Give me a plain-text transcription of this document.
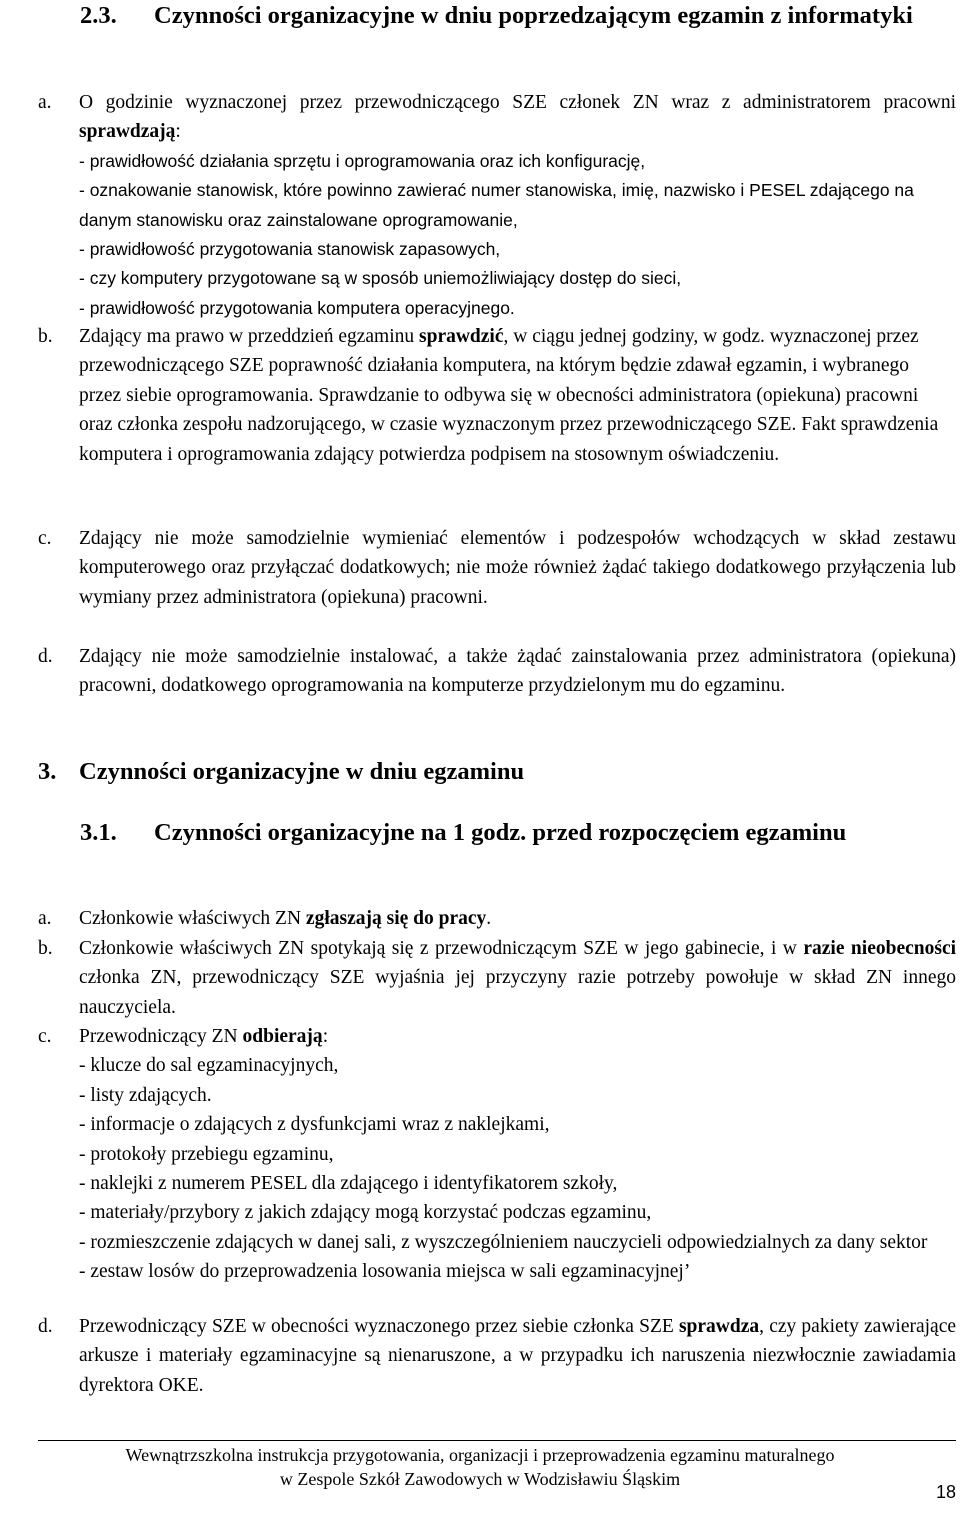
2.3. Czynności organizacyjne w dniu poprzedzającym egzamin z informatyki
a. O godzinie wyznaczonej przez przewodniczącego SZE członek ZN wraz z administratorem pracowni sprawdzają:
- prawidłowość działania sprzętu i oprogramowania oraz ich konfigurację,
- oznakowanie stanowisk, które powinno zawierać numer stanowiska, imię, nazwisko i PESEL zdającego na danym stanowisku oraz zainstalowane oprogramowanie,
- prawidłowość przygotowania stanowisk zapasowych,
- czy komputery przygotowane są w sposób uniemożliwiający dostęp do sieci,
- prawidłowość przygotowania komputera operacyjnego.
b. Zdający ma prawo w przeddzień egzaminu sprawdzić, w ciągu jednej godziny, w godz. wyznaczonej przez przewodniczącego SZE poprawność działania komputera, na którym będzie zdawał egzamin, i wybranego przez siebie oprogramowania. Sprawdzanie to odbywa się w obecności administratora (opiekuna) pracowni oraz członka zespołu nadzorującego, w czasie wyznaczonym przez przewodniczącego SZE. Fakt sprawdzenia komputera i oprogramowania zdający potwierdza podpisem na stosownym oświadczeniu.
c. Zdający nie może samodzielnie wymieniać elementów i podzespołów wchodzących w skład zestawu komputerowego oraz przyłączać dodatkowych; nie może również żądać takiego dodatkowego przyłączenia lub wymiany przez administratora (opiekuna) pracowni.
d. Zdający nie może samodzielnie instalować, a także żądać zainstalowania przez administratora (opiekuna) pracowni, dodatkowego oprogramowania na komputerze przydzielonym mu do egzaminu.
3. Czynności organizacyjne w dniu egzaminu
3.1. Czynności organizacyjne na 1 godz. przed rozpoczęciem egzaminu
a. Członkowie właściwych ZN zgłaszają się do pracy.
b. Członkowie właściwych ZN spotykają się z przewodniczącym SZE w jego gabinecie, i w razie nieobecności członka ZN, przewodniczący SZE wyjaśnia jej przyczyny razie potrzeby powołuje w skład ZN innego nauczyciela.
c. Przewodniczący ZN odbierają:
- klucze do sal egzaminacyjnych,
- listy zdających.
- informacje o zdających z dysfunkcjami wraz z naklejkami,
- protokoły przebiegu egzaminu,
- naklejki z numerem PESEL dla zdającego i identyfikatorem szkoły,
- materiały/przybory z jakich zdający mogą korzystać podczas egzaminu,
- rozmieszczenie zdających w danej sali, z wyszczególnieniem nauczycieli odpowiedzialnych za dany sektor
- zestaw losów do przeprowadzenia losowania miejsca w sali egzaminacyjnej’
d. Przewodniczący SZE w obecności wyznaczonego przez siebie członka SZE sprawdza, czy pakiety zawierające arkusze i materiały egzaminacyjne są nienaruszone, a w przypadku ich naruszenia niezwłocznie zawiadamia dyrektora OKE.
Wewnątrzszkolna instrukcja przygotowania, organizacji i przeprowadzenia egzaminu maturalnego
w Zespole Szkół Zawodowych w Wodzisławiu Śląskim
18
